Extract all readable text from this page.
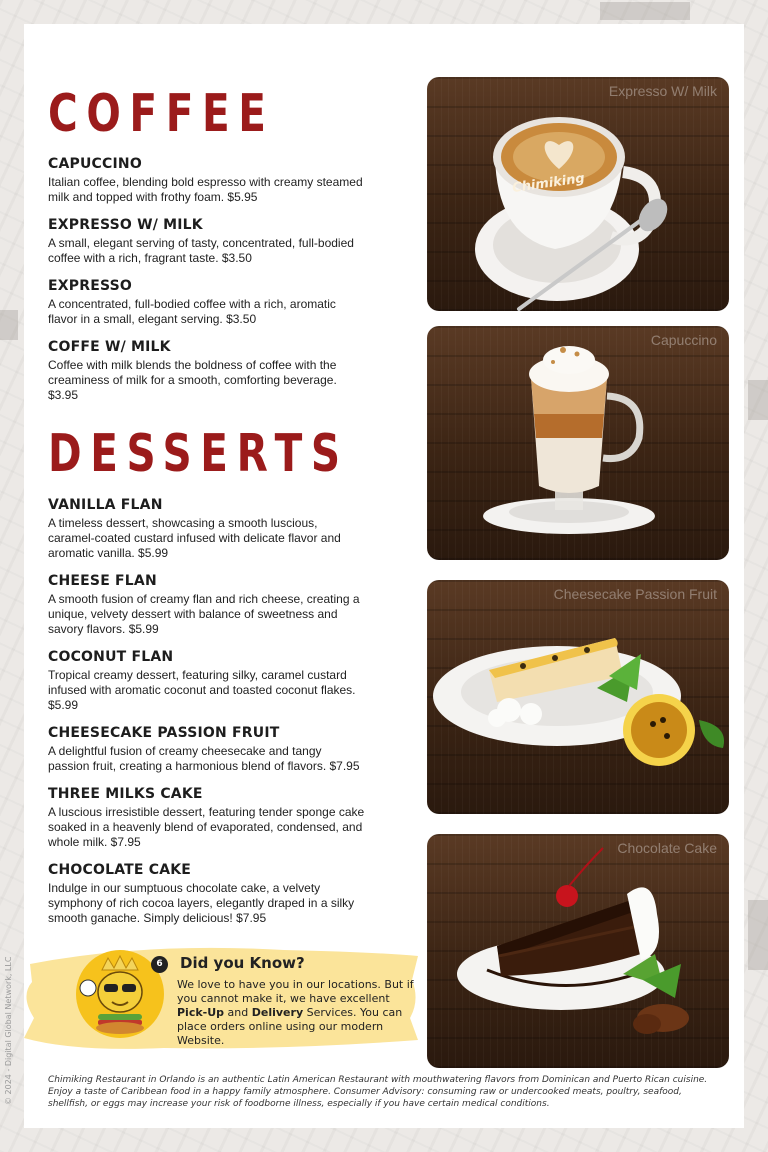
© 2024 - Digital Global Network, LLC
COFFEE

CAPUCCINO

Italian coffee, blending bold espresso with creamy steamed milk and topped with frothy foam. $5.95

EXPRESSO W/ MILK

A small, elegant serving of tasty, concentrated, full-bodied coffee with a rich, fragrant taste. $3.50

EXPRESSO

A concentrated, full-bodied coffee with a rich, aromatic flavor in a small, elegant serving. $3.50

COFFE W/ MILK

Coffee with milk blends the boldness of coffee with the creaminess of milk for a smooth, comforting beverage. $3.95

DESSERTS

VANILLA FLAN

A timeless dessert, showcasing a smooth luscious, caramel-coated custard infused with delicate flavor and aromatic vanilla. $5.99

CHEESE FLAN

A smooth fusion of creamy flan and rich cheese, creating a unique, velvety dessert with balance of sweetness and savory flavors. $5.99

COCONUT FLAN

Tropical creamy dessert, featuring silky, caramel custard infused with aromatic coconut and toasted coconut flakes. $5.99

CHEESECAKE PASSION FRUIT

A delightful fusion of creamy cheesecake and tangy passion fruit, creating a harmonious blend of flavors. $7.95

THREE MILKS CAKE

A luscious irresistible dessert, featuring tender sponge cake soaked in a heavenly blend of evaporated, condensed, and whole milk. $7.95

CHOCOLATE CAKE

Indulge in our sumptuous chocolate cake, a velvety symphony of rich cocoa layers, elegantly draped in a silky smooth ganache. Simply delicious! $7.95

Chimiking
Expresso W/ Milk
Capuccino
Cheesecake Passion Fruit
Chocolate Cake
6	Did you Know?
We love to have you in our locations. But if you cannot make it, we have excellent Pick-Up and Delivery Services. You can place orders online using our modern Website.

Chimiking Restaurant in Orlando is an authentic Latin American Restaurant with mouthwatering flavors from Dominican and Puerto Rican cuisine. Enjoy a taste of Caribbean food in a happy family atmosphere. Consumer Advisory: consuming raw or undercooked meats, poultry, seafood, shellfish, or eggs may increase your risk of foodborne illness, especially if you have certain medical conditions.
